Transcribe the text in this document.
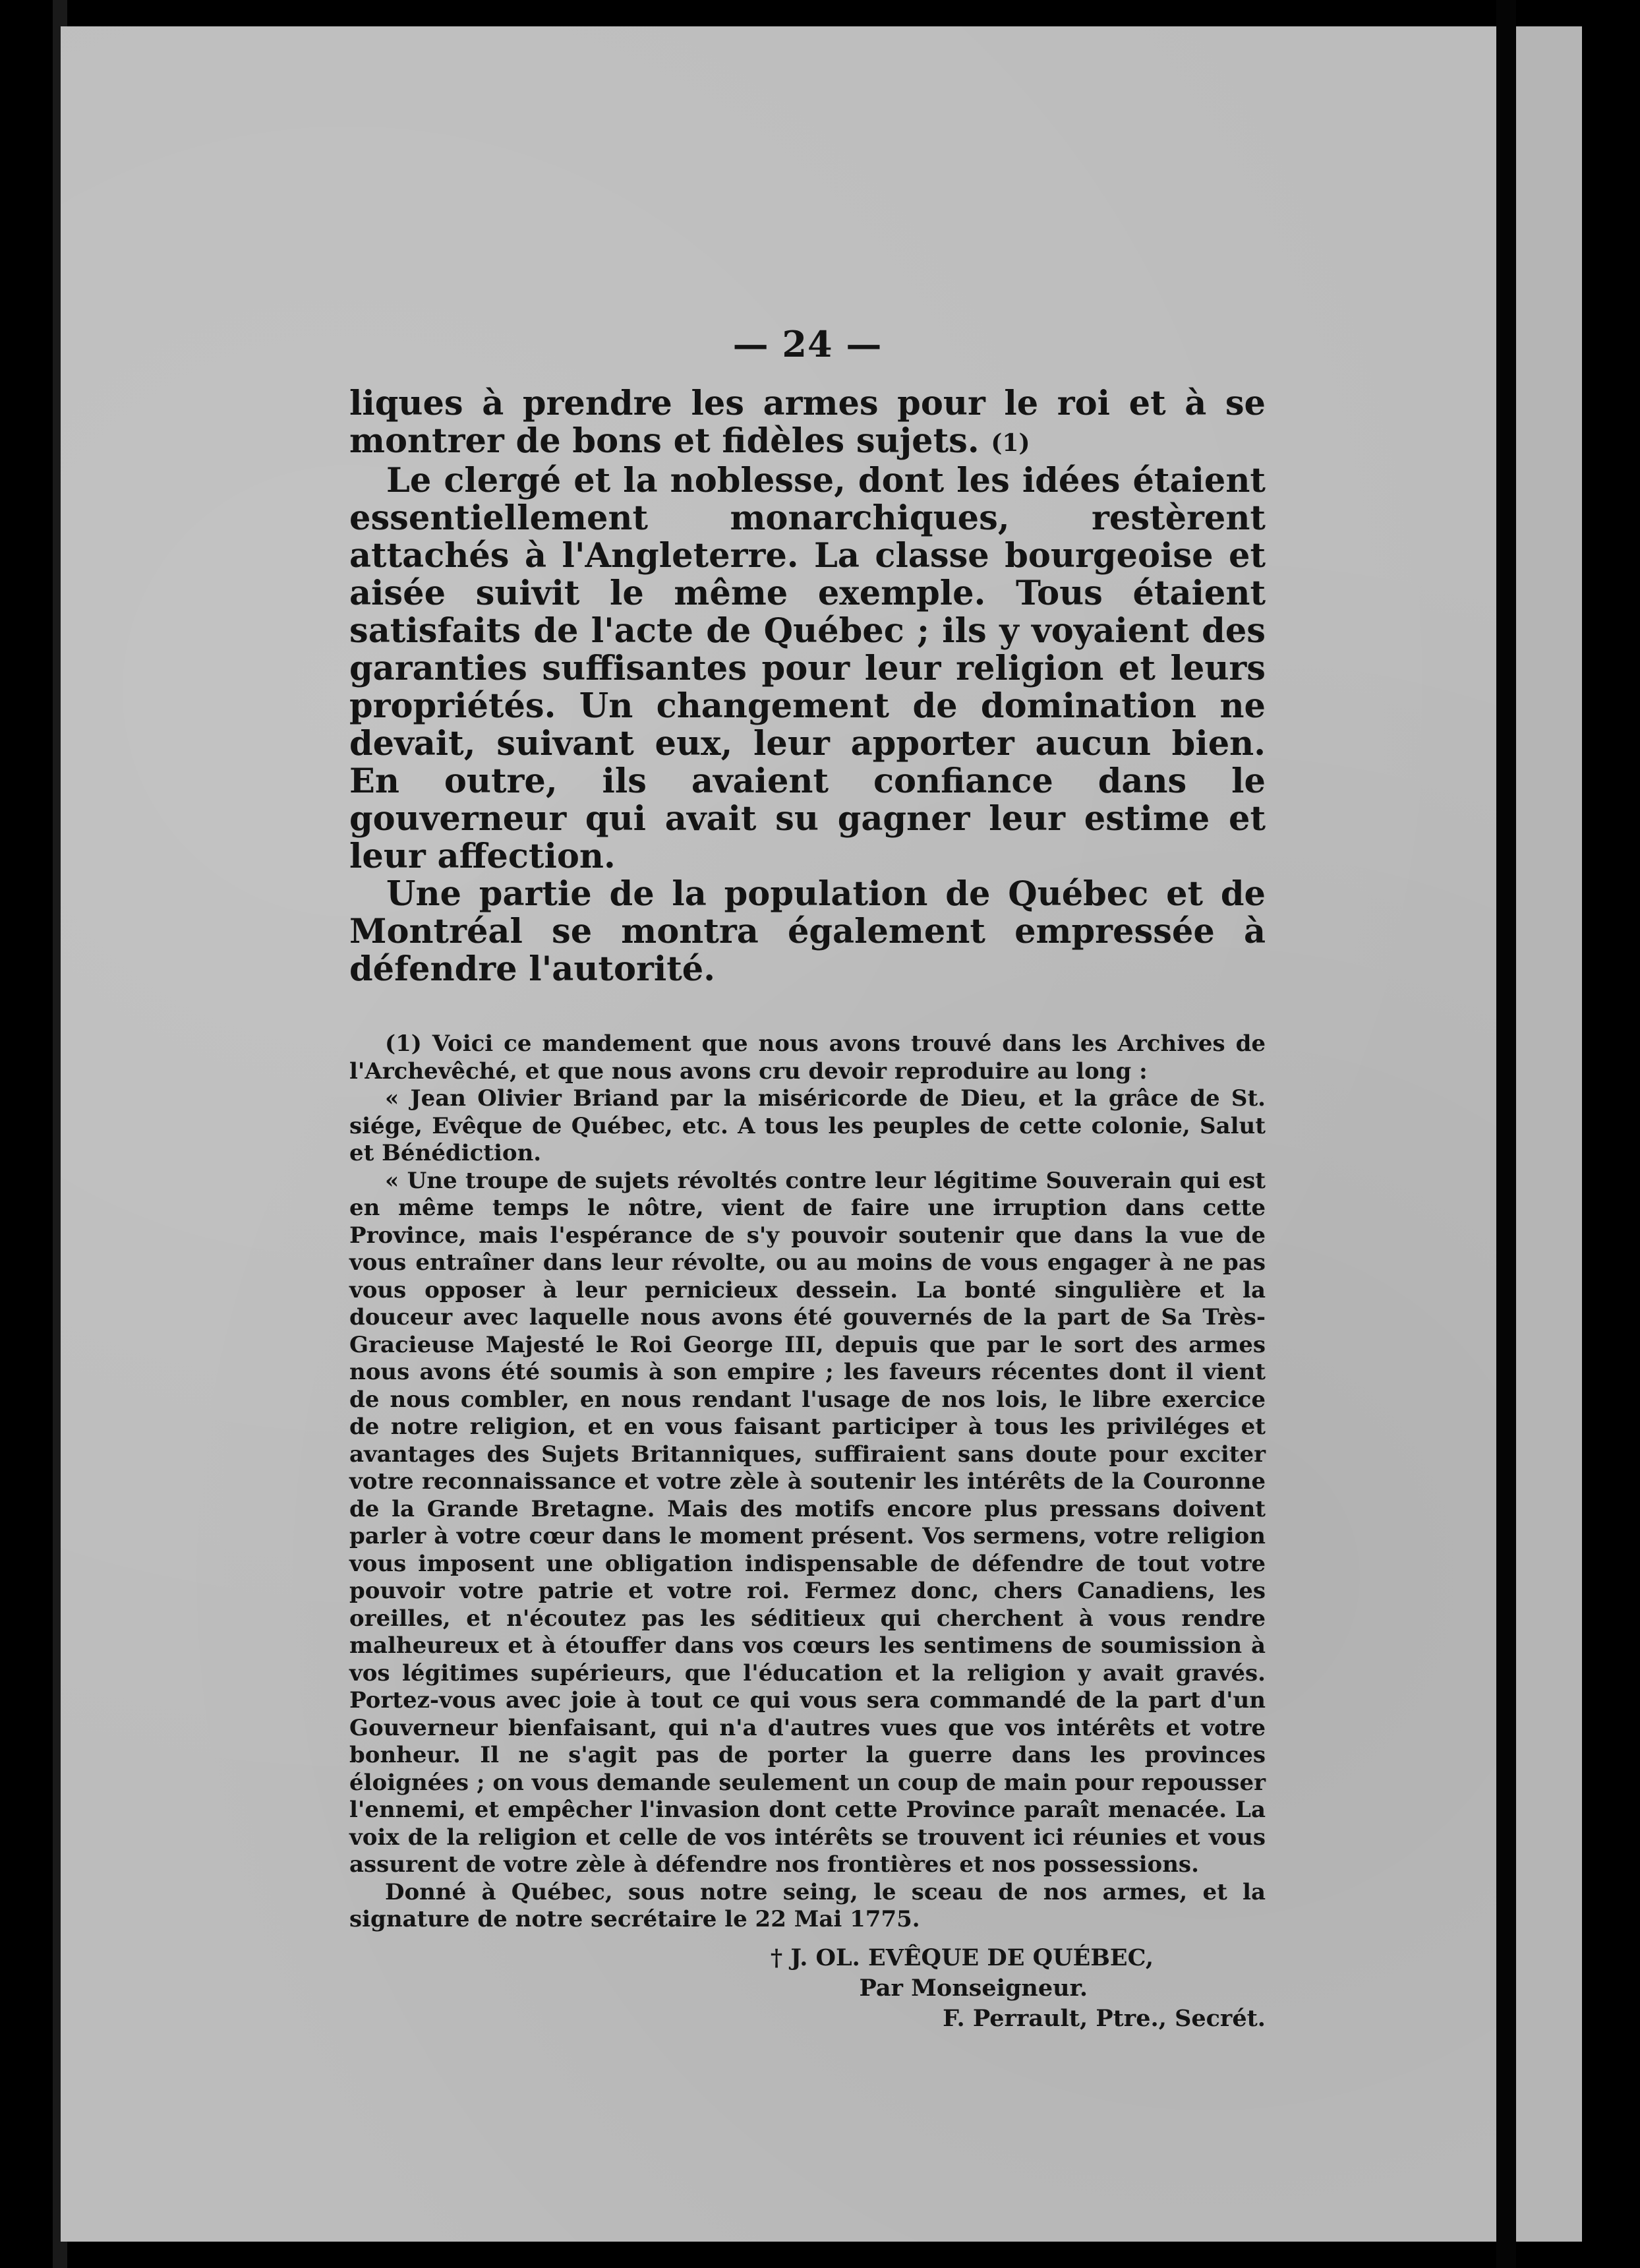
— 24 —

liques à prendre les armes pour le roi et à se montrer de bons et fidèles sujets. (1)

Le clergé et la noblesse, dont les idées étaient essentiellement monarchiques, restèrent attachés à l'Angleterre. La classe bourgeoise et aisée suivit le même exemple. Tous étaient satisfaits de l'acte de Québec ; ils y voyaient des garanties suffisantes pour leur religion et leurs propriétés. Un changement de domination ne devait, suivant eux, leur apporter aucun bien. En outre, ils avaient confiance dans le gouverneur qui avait su gagner leur estime et leur affection.

Une partie de la population de Québec et de Montréal se montra également empressée à défendre l'autorité.

(1) Voici ce mandement que nous avons trouvé dans les Archives de l'Archevêché, et que nous avons cru devoir reproduire au long :

« Jean Olivier Briand par la miséricorde de Dieu, et la grâce de St. siége, Evêque de Québec, etc. A tous les peuples de cette colonie, Salut et Bénédiction.

« Une troupe de sujets révoltés contre leur légitime Souverain qui est en même temps le nôtre, vient de faire une irruption dans cette Province, mais l'espérance de s'y pouvoir soutenir que dans la vue de vous entraîner dans leur révolte, ou au moins de vous engager à ne pas vous opposer à leur pernicieux dessein. La bonté singulière et la douceur avec laquelle nous avons été gouvernés de la part de Sa Très-Gracieuse Majesté le Roi George III, depuis que par le sort des armes nous avons été soumis à son empire ; les faveurs récentes dont il vient de nous combler, en nous rendant l'usage de nos lois, le libre exercice de notre religion, et en vous faisant participer à tous les priviléges et avantages des Sujets Britanniques, suffiraient sans doute pour exciter votre reconnaissance et votre zèle à soutenir les intérêts de la Couronne de la Grande Bretagne. Mais des motifs encore plus pressans doivent parler à votre cœur dans le moment présent. Vos sermens, votre religion vous imposent une obligation indispensable de défendre de tout votre pouvoir votre patrie et votre roi. Fermez donc, chers Canadiens, les oreilles, et n'écoutez pas les séditieux qui cherchent à vous rendre malheureux et à étouffer dans vos cœurs les sentimens de soumission à vos légitimes supérieurs, que l'éducation et la religion y avait gravés. Portez-vous avec joie à tout ce qui vous sera commandé de la part d'un Gouverneur bienfaisant, qui n'a d'autres vues que vos intérêts et votre bonheur. Il ne s'agit pas de porter la guerre dans les provinces éloignées ; on vous demande seulement un coup de main pour repousser l'ennemi, et empêcher l'invasion dont cette Province paraît menacée. La voix de la religion et celle de vos intérêts se trouvent ici réunies et vous assurent de votre zèle à défendre nos frontières et nos possessions.

Donné à Québec, sous notre seing, le sceau de nos armes, et la signature de notre secrétaire le 22 Mai 1775.

† J. OL. EVÊQUE DE QUÉBEC,

Par Monseigneur.

F. Perrault, Ptre., Secrét.
